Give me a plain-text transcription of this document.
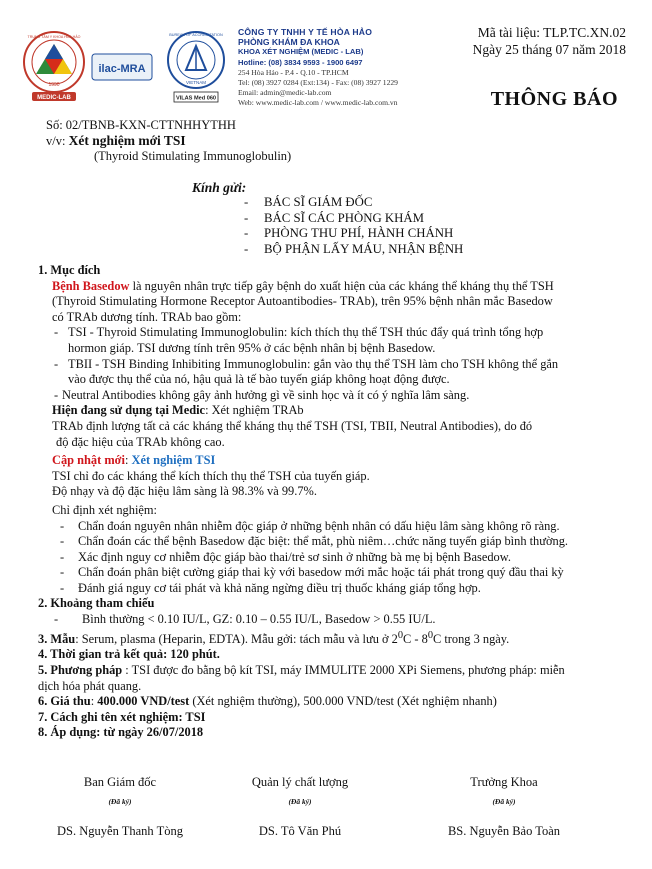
1990
TRUNG TÂM Y KHOA HÒA HẢO
MEDIC-LAB
ilac-MRA
BUREAU OF ACCREDITATION
VIETNAM
VILAS Med 060
CÔNG TY TNHH Y TẾ HÒA HẢO
PHÒNG KHÁM ĐA KHOA
KHOA XÉT NGHIỆM (MEDIC - LAB)
Hotline: (08) 3834 9593 - 1900 6497
254 Hòa Hảo - P.4 - Q.10 - TP.HCM
Tel: (08) 3927 0284 (Ext:134) - Fax: (08) 3927 1229
Email: admin@medic-lab.com
Web: www.medic-lab.com / www.medic-lab.com.vn
Mã tài liệu: TLP.TC.XN.02
Ngày 25 tháng 07 năm 2018
THÔNG BÁO
Số: 02/TBNB-KXN-CTTNHHYTHH
v/v: Xét nghiệm mới TSI
(Thyroid Stimulating Immunoglobulin)
Kính gửi:
- BÁC SĨ GIÁM ĐỐC
- BÁC SĨ CÁC PHÒNG KHÁM
- PHÒNG THU PHÍ, HÀNH CHÁNH
- BỘ PHẬN LẤY MÁU, NHẬN BỆNH

1. Mục đích

Bệnh Basedow là nguyên nhân trực tiếp gây bệnh do xuất hiện của các kháng thể kháng thụ thể TSH

(Thyroid Stimulating Hormone Receptor Autoantibodies- TRAb), trên 95% bệnh nhân mắc Basedow

có TRAb dương tính. TRAb bao gồm:

- TSI - Thyroid Stimulating Immunoglobulin: kích thích thụ thể TSH thúc đẩy quá trình tổng hợp

hormon giáp. TSI dương tính trên 95% ở các bệnh nhân bị bệnh Basedow.

- TBII - TSH Binding Inhibiting Immunoglobulin: gắn vào thụ thể TSH làm cho TSH không thể gắn

vào được thụ thể của nó, hậu quả là tế bào tuyến giáp không hoạt động được.

- Neutral Antibodies không gây ảnh hưởng gì về sinh học và ít có ý nghĩa lâm sàng.

Hiện đang sử dụng tại Medic: Xét nghiệm TRAb

TRAb định lượng tất cả các kháng thể kháng thụ thể TSH (TSI, TBII, Neutral Antibodies), do đó

độ đặc hiệu của TRAb không cao.

Cập nhật mới: Xét nghiệm TSI

TSI chỉ đo các kháng thể kích thích thụ thể TSH của tuyến giáp.

Độ nhạy và độ đặc hiệu lâm sàng là 98.3% và 99.7%.

Chỉ định xét nghiệm:

- Chẩn đoán nguyên nhân nhiễm độc giáp ở những bệnh nhân có dấu hiệu lâm sàng không rõ ràng.

- Chẩn đoán các thể bệnh Basedow đặc biệt: thể mắt, phù niêm…chức năng tuyến giáp bình thường.

- Xác định nguy cơ nhiễm độc giáp bào thai/trẻ sơ sinh ở những bà mẹ bị bệnh Basedow.

- Chẩn đoán phân biệt cường giáp thai kỳ với basedow mới mắc hoặc tái phát trong quý đầu thai kỳ

- Đánh giá nguy cơ tái phát và khả năng ngừng điều trị thuốc kháng giáp tổng hợp.

2. Khoảng tham chiếu

- Bình thường < 0.10 IU/L, GZ: 0.10 – 0.55 IU/L, Basedow > 0.55 IU/L.

3. Mẫu: Serum, plasma (Heparin, EDTA). Mẫu gởi: tách mẫu và lưu ở $2^0C - 8^0C$ trong 3 ngày.

4. Thời gian trả kết quả: 120 phút.

5. Phương pháp : TSI được đo bằng bộ kít TSI, máy IMMULITE 2000 XPi Siemens, phương pháp: miễn

dịch hóa phát quang.

6. Giá thu: 400.000 VND/test (Xét nghiệm thường), 500.000 VND/test (Xét nghiệm nhanh)

7. Cách ghi tên xét nghiệm: TSI

8. Áp dụng: từ ngày 26/07/2018

Ban Giám đốc
(Đã ký)
DS. Nguyễn Thanh Tòng
Quản lý chất lượng
(Đã ký)
DS. Tô Văn Phú
Trưởng Khoa
(Đã ký)
BS. Nguyễn Bảo Toàn
